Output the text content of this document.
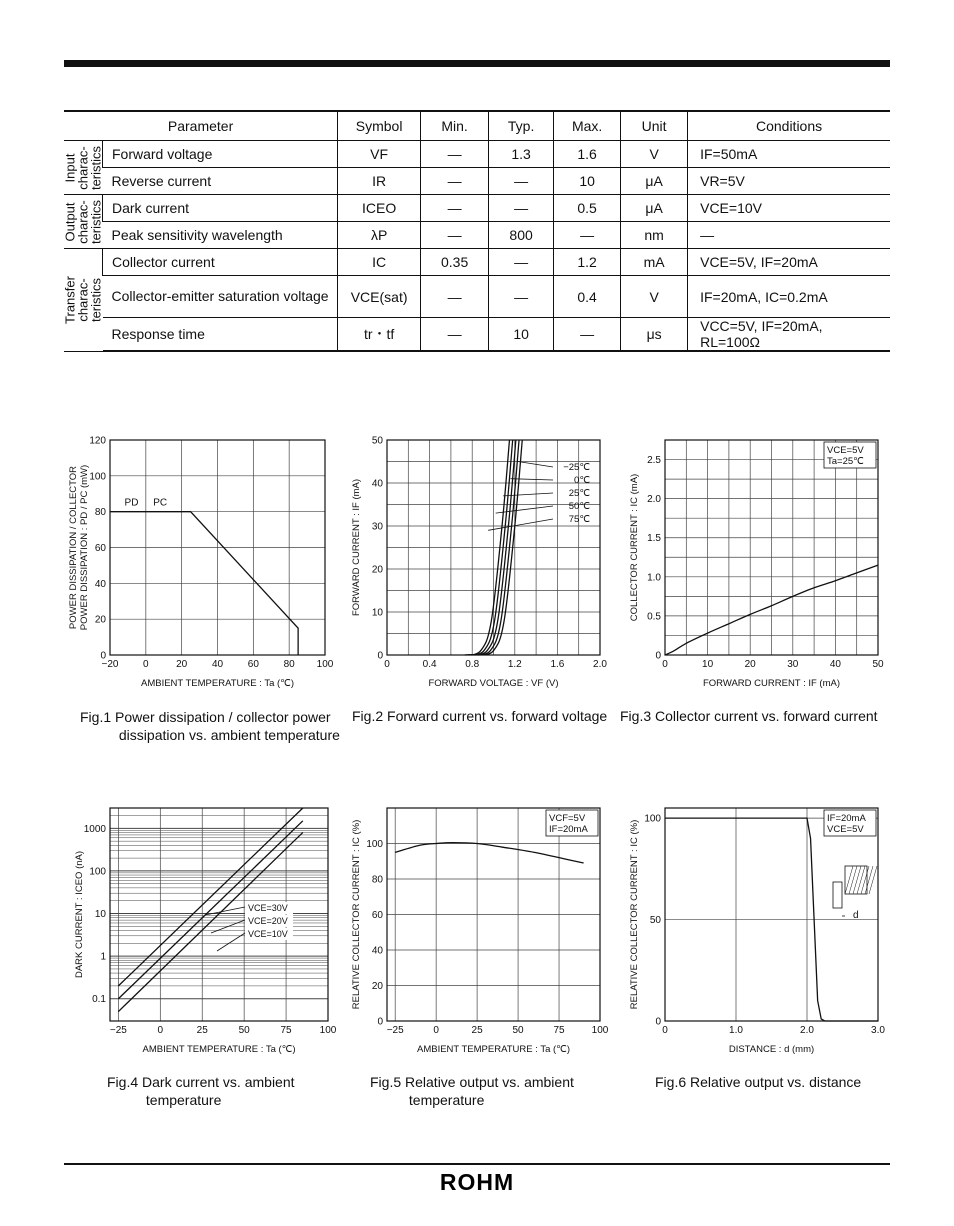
Parameter		Symbol	Min.	Typ.	Max.	Unit	Conditions

Input
charac-
teristics	Forward voltage	VF	—	1.3	1.6	V	IF=50mA
	Reverse current	IR	—	—	10	μA	VR=5V

Output
charac-
teristics	Dark current	ICEO	—	—	0.5	μA	VCE=10V
	Peak sensitivity wavelength	λP	—	800	—	nm	—

Transfer
charac-
teristics	Collector current	IC	0.35	—	1.2	mA	VCE=5V, IF=20mA
	Collector-emitter saturation voltage	VCE(sat)	—	—	0.4	V	IF=20mA, IC=0.2mA
	Response time	tr・tf	—	10	—	μs	VCC=5V, IF=20mA, RL=100Ω
−20 0	20 40 60 80 100
0
20
40
60
80
100
120
AMBIENT TEMPERATURE : Ta (℃)
POWER DISSIPATION / COLLECTOR POWER DISSIPATION : PD / PC (mW)	PD PC
0	0.4	0.8	1.2	1.6	2.0
0
10
20
30
40
50
FORWARD VOLTAGE : VF (V)
FORWARD CURRENT : IF (mA)
−25℃
0℃
25℃
50℃
75℃
0	10	20	30	40	50
0
0.5
1.0
1.5
2.0
2.5
FORWARD CURRENT : IF (mA)
COLLECTOR CURRENT : IC (mA)
VCE=5V
Ta=25℃
−25	0	25	50	75	100
0.1
1
10
100
1000
AMBIENT TEMPERATURE : Ta (℃)
DARK CURRENT : ICEO (nA)	VCE=30V
VCE=20V
VCE=10V
−25	0	25	50	75	100
0
20
40
60
80
100
AMBIENT TEMPERATURE : Ta (℃)
RELATIVE COLLECTOR CURRENT : IC (%)
VCF=5V
IF=20mA
0	1.0	2.0	3.0
0
50
100
DISTANCE : d (mm)
RELATIVE COLLECTOR CURRENT : IC (%)
IF=20mA
VCE=5V
d
Fig.1 Power dissipation / collector power
dissipation vs. ambient temperature
Fig.2 Forward current vs. forward voltage Fig.3 Collector current vs. forward current
Fig.4 Dark current vs. ambient
temperature
Fig.5 Relative output vs. ambient
temperature
Fig.6 Relative output vs. distance
ROHM
